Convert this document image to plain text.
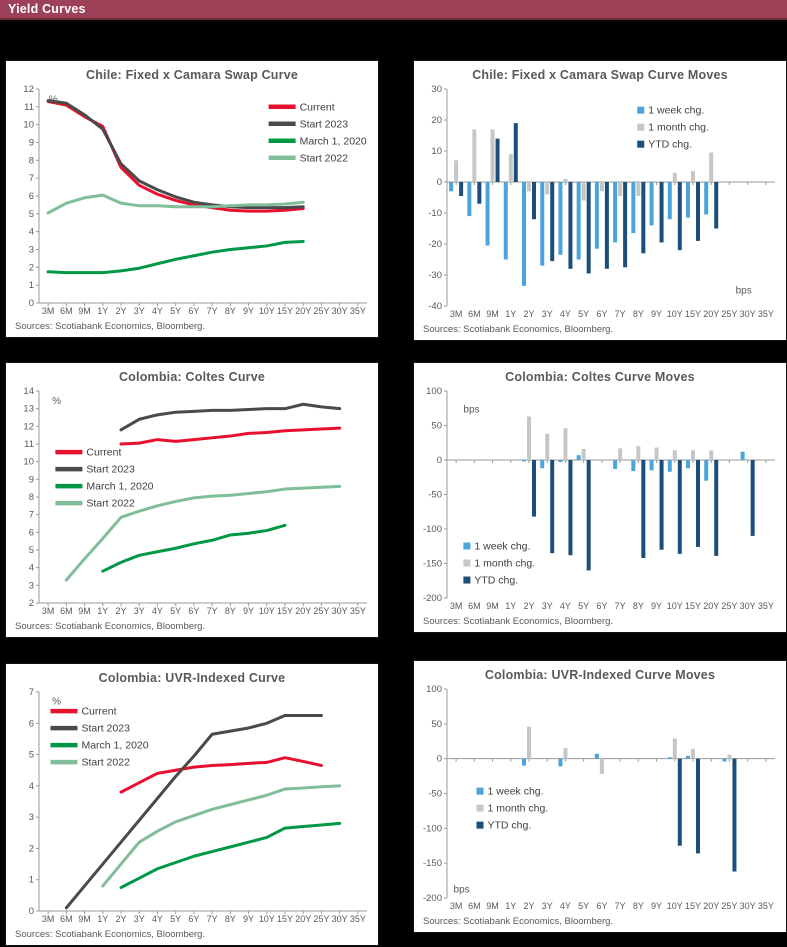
Yield Curves
Chile: Fixed x Camara Swap Curve
0
1
2
3
4
5
6
7
8
9
10
11
12
3M 6M 9M 1Y 2Y 3Y 4Y 5Y 6Y 7Y 8Y 9Y 10Y 15Y 20Y 25Y 30Y 35Y
%
Current
Start 2023
March 1, 2020
Start 2022
Sources: Scotiabank Economics, Bloomberg.
Chile: Fixed x Camara Swap Curve Moves
-40
-30
-20
-10
0
10
20
30
3M 6M 9M 1Y 2Y 3Y 4Y 5Y 6Y 7Y 8Y 9Y 10Y 15Y 20Y 25Y 30Y 35Y
bps
1 week chg.
1 month chg.
YTD chg.
Sources: Scotiabank Economics, Bloomberg.
Colombia: Coltes Curve
2
3
4
5
6
7
8
9
10
11
12
13
14
3M 6M 9M 1Y 2Y 3Y 4Y 5Y 6Y 7Y 8Y 9Y 10Y 15Y 20Y 25Y 30Y 35Y
%
Current
Start 2023
March 1, 2020
Start 2022
Sources: Scotiabank Economics, Bloomberg.
Colombia: Coltes Curve Moves
-200
-150
-100
-50
0
50
100
3M 6M 9M 1Y 2Y 3Y 4Y 5Y 6Y 7Y 8Y 9Y 10Y 15Y 20Y 25Y 30Y 35Y
bps
1 week chg.
1 month chg.
YTD chg.
Sources: Scotiabank Economics, Bloomberg.
Colombia: UVR-Indexed Curve
0
1
2
3
4
5
6
7
3M 6M 9M 1Y 2Y 3Y 4Y 5Y 6Y 7Y 8Y 9Y 10Y 15Y 20Y 25Y 30Y 35Y
%
Current
Start 2023
March 1, 2020
Start 2022
Sources: Scotiabank Economics, Bloomberg.
Colombia: UVR-Indexed Curve Moves
-200
-150
-100
-50
0
50
100
3M 6M 9M 1Y 2Y 3Y 4Y 5Y 6Y 7Y 8Y 9Y 10Y 15Y 20Y 25Y 30Y 35Y
bps
1 week chg.
1 month chg.
YTD chg.
Sources: Scotiabank Economics, Bloomberg.
